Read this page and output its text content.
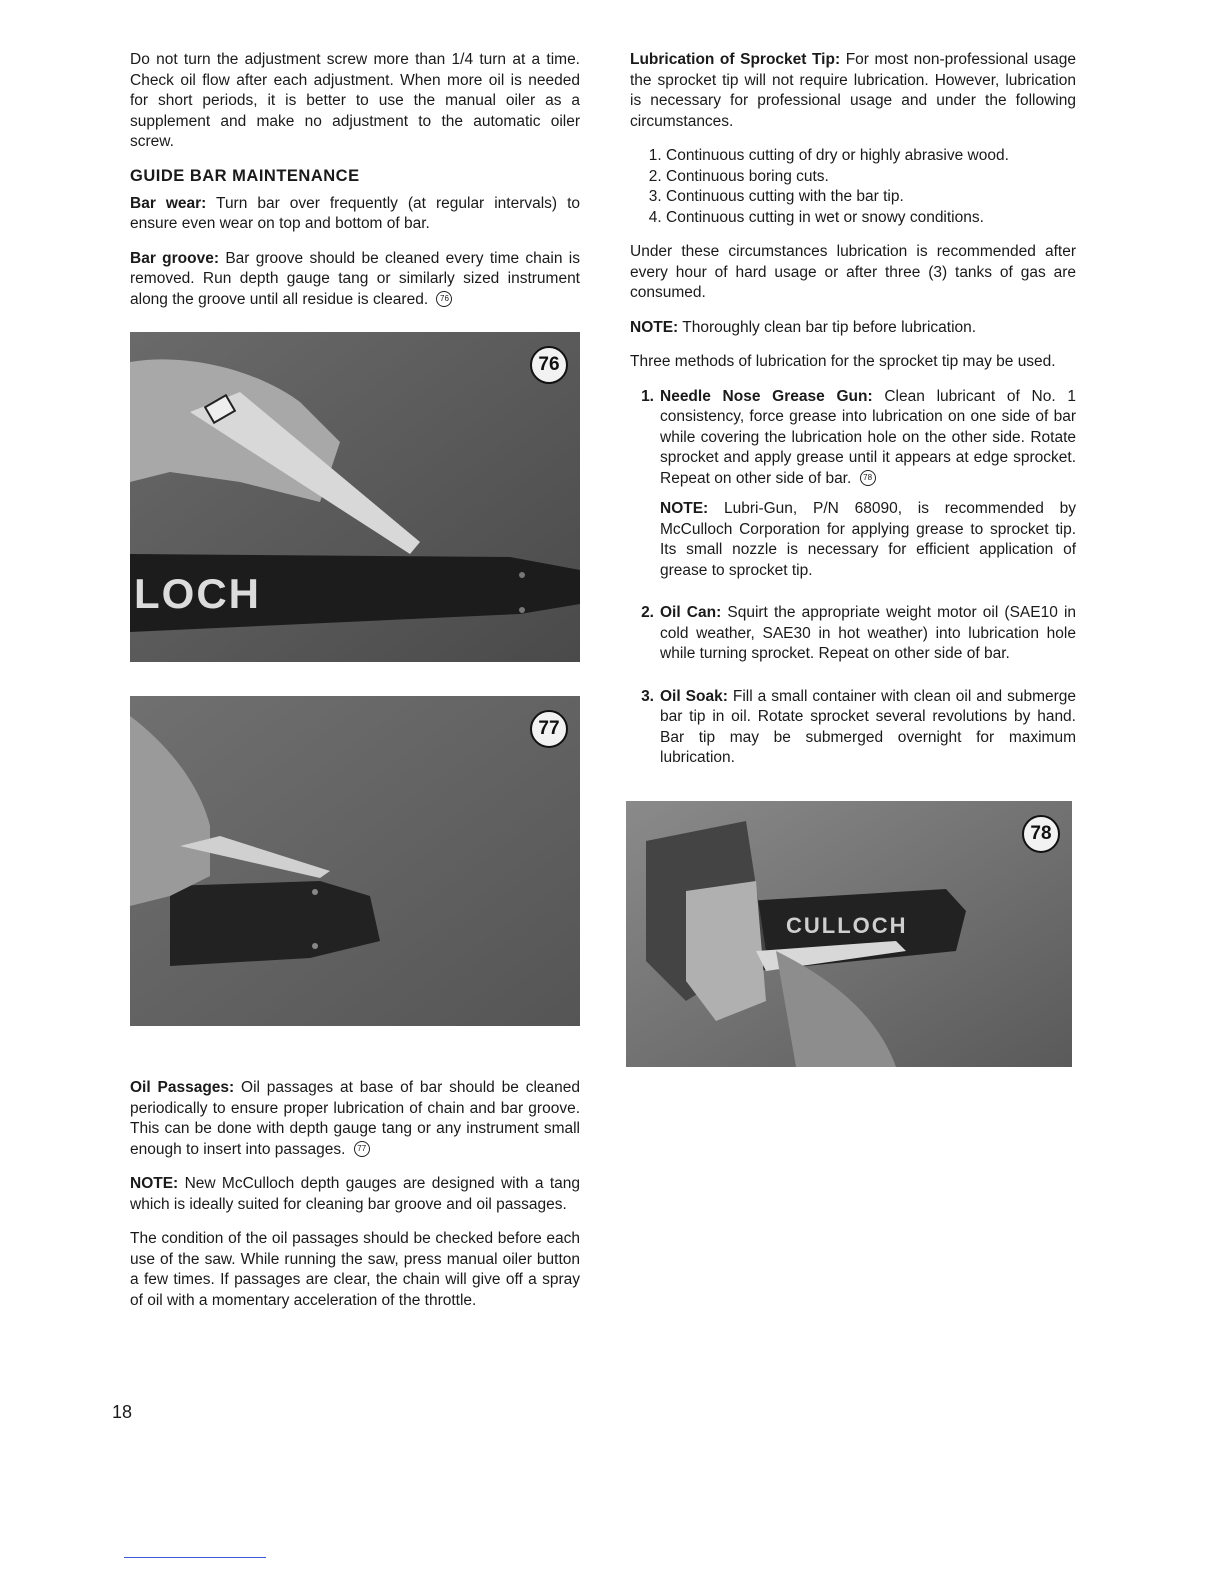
Do not turn the adjustment screw more than 1/4 turn at a time. Check oil flow after each adjustment. When more oil is needed for short periods, it is better to use the manual oiler as a supplement and make no adjustment to the automatic oiler screw.

GUIDE BAR MAINTENANCE

Bar wear: Turn bar over frequently (at regular intervals) to ensure even wear on top and bottom of bar.

Bar groove: Bar groove should be cleaned every time chain is removed. Run depth gauge tang or similarly sized instrument along the groove until all residue is cleared. 76

LOCH
76
77

Oil Passages: Oil passages at base of bar should be cleaned periodically to ensure proper lubrication of chain and bar groove. This can be done with depth gauge tang or any instrument small enough to insert into passages. 77

NOTE: New McCulloch depth gauges are designed with a tang which is ideally suited for cleaning bar groove and oil passages.

The condition of the oil passages should be checked before each use of the saw. While running the saw, press manual oiler button a few times. If passages are clear, the chain will give off a spray of oil with a momentary acceleration of the throttle.

Lubrication of Sprocket Tip: For most non-professional usage the sprocket tip will not require lubrication. However, lubrication is necessary for professional usage and under the following circumstances.

1. Continuous cutting of dry or highly abrasive wood.
2. Continuous boring cuts.
3. Continuous cutting with the bar tip.
4. Continuous cutting in wet or snowy conditions.

Under these circumstances lubrication is recommended after every hour of hard usage or after three (3) tanks of gas are consumed.

NOTE: Thoroughly clean bar tip before lubrication.

Three methods of lubrication for the sprocket tip may be used.

1. Needle Nose Grease Gun: Clean lubricant of No. 1 consistency, force grease into lubrication on one side of bar while covering the lubrication hole on the other side. Rotate sprocket and apply grease until it appears at edge sprocket. Repeat on other side of bar. 78

NOTE: Lubri-Gun, P/N 68090, is recommended by McCulloch Corporation for applying grease to sprocket tip. Its small nozzle is necessary for efficient application of grease to sprocket tip.

2. Oil Can: Squirt the appropriate weight motor oil (SAE10 in cold weather, SAE30 in hot weather) into lubrication hole while turning sprocket. Repeat on other side of bar.

3. Oil Soak: Fill a small container with clean oil and submerge bar tip in oil. Rotate sprocket several revolutions by hand. Bar tip may be submerged overnight for maximum lubrication.

CULLOCH
78
18
